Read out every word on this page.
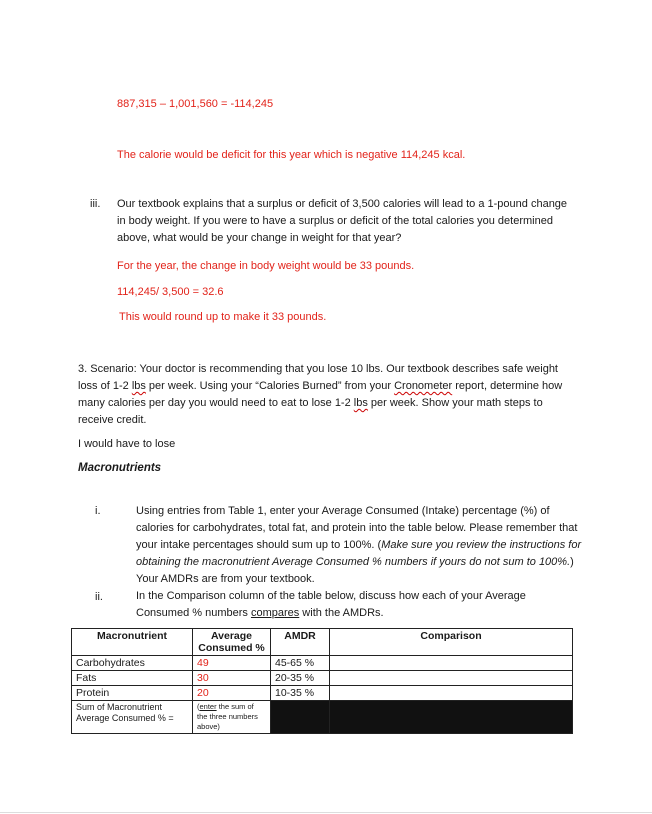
887,315 – 1,001,560 = -114,245
The calorie would be deficit for this year which is negative 114,245 kcal.
iii. Our textbook explains that a surplus or deficit of 3,500 calories will lead to a 1-pound change in body weight. If you were to have a surplus or deficit of the total calories you determined above, what would be your change in weight for that year?
For the year, the change in body weight would be 33 pounds.
114,245/ 3,500 = 32.6
This would round up to make it 33 pounds.
3. Scenario: Your doctor is recommending that you lose 10 lbs. Our textbook describes safe weight loss of 1-2 lbs per week. Using your “Calories Burned” from your Cronometer report, determine how many calories per day you would need to eat to lose 1-2 lbs per week. Show your math steps to receive credit.
I would have to lose
Macronutrients
i.	Using entries from Table 1, enter your Average Consumed (Intake) percentage (%) of calories for carbohydrates, total fat, and protein into the table below. Please remember that your intake percentages should sum up to 100%. (Make sure you review the instructions for obtaining the macronutrient Average Consumed % numbers if yours do not sum to 100%.) Your AMDRs are from your textbook.
ii.	In the Comparison column of the table below, discuss how each of your Average Consumed % numbers compares with the AMDRs.
Macronutrient	Average Consumed %	AMDR	Comparison
Carbohydrates	49	45-65 %	
Fats	30	20-35 %	
Protein	20	10-35 %	
Sum of Macronutrient Average Consumed % =	(enter the sum of the three numbers above)		
